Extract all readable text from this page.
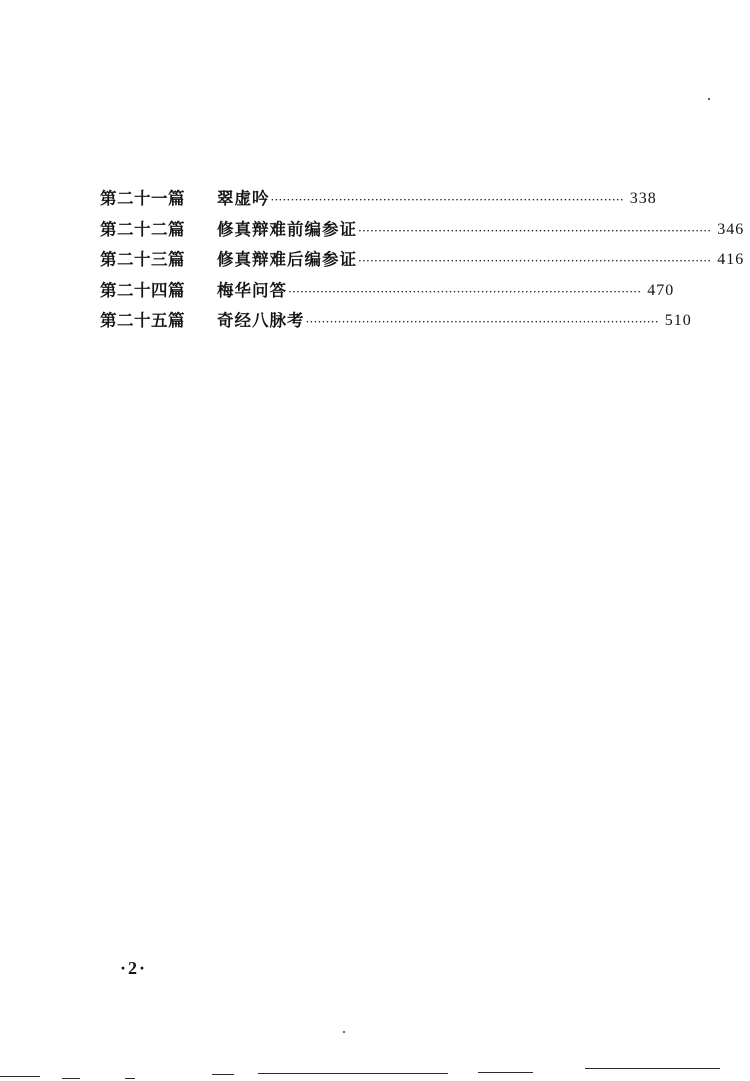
第二十一篇	翠虚吟 ························································································ 338
第二十二篇	修真辩难前编参证 ························································································ 346
第二十三篇	修真辩难后编参证 ························································································ 416
第二十四篇	梅华问答 ························································································ 470
第二十五篇	奇经八脉考 ························································································ 510
·2·
